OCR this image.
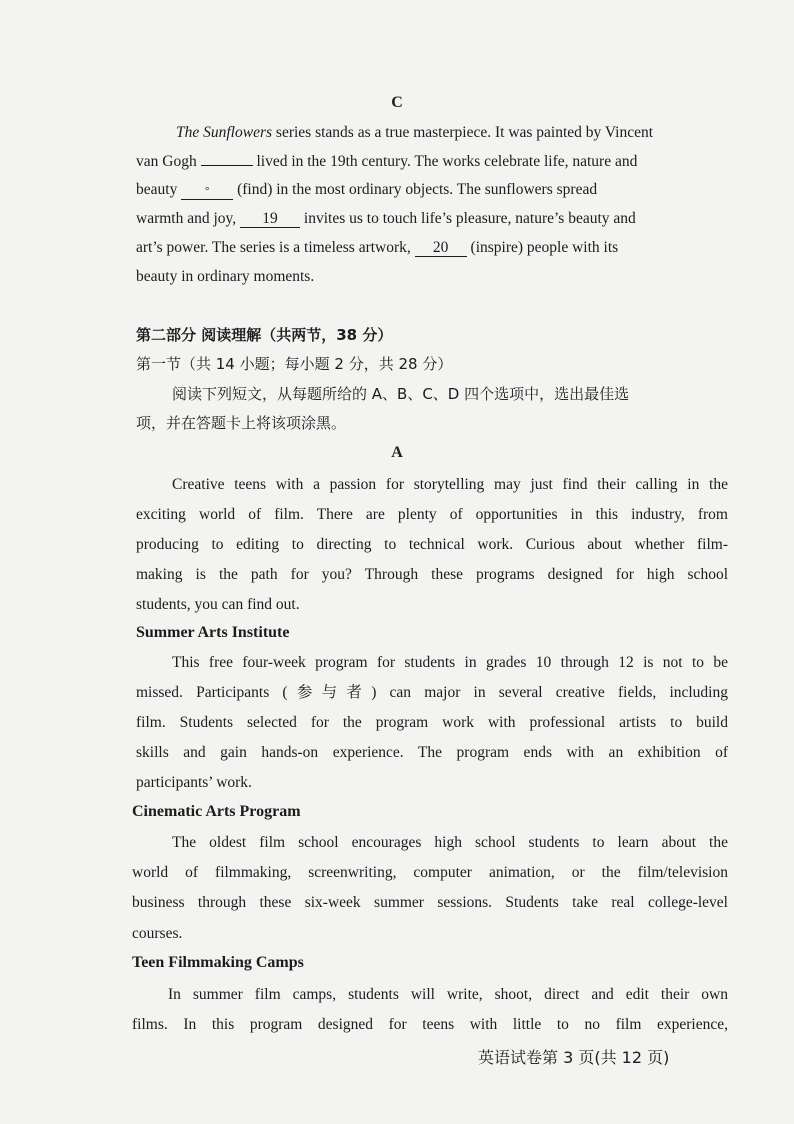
C
The Sunflowers series stands as a true masterpiece. It was painted by Vincent
van Gogh	lived in the 19th century. The works celebrate life, nature and
beauty ° (find) in the most ordinary objects. The sunflowers spread
warmth and joy, 19 invites us to touch life’s pleasure, nature’s beauty and
art’s power. The series is a timeless artwork, 20 (inspire) people with its
beauty in ordinary moments.
第二部分 阅读理解（共两节，38 分）
第一节（共 14 小题；每小题 2 分，共 28 分）
阅读下列短文，从每题所给的 A、B、C、D 四个选项中，选出最佳选
项，并在答题卡上将该项涂黑。
A
Creative teens with a passion for storytelling may just find their calling in the
exciting world of film. There are plenty of opportunities in this industry, from
producing to editing to directing to technical work. Curious about whether film-
making is the path for you? Through these programs designed for high school
students, you can find out.
Summer Arts Institute
This free four-week program for students in grades 10 through 12 is not to be
missed. Participants (参与者) can major in several creative fields, including
film. Students selected for the program work with professional artists to build
skills and gain hands-on experience. The program ends with an exhibition of
participants’ work.
Cinematic Arts Program
The oldest film school encourages high school students to learn about the
world of filmmaking, screenwriting, computer animation, or the film/television
business through these six-week summer sessions. Students take real college-level
courses.
Teen Filmmaking Camps
In summer film camps, students will write, shoot, direct and edit their own
films. In this program designed for teens with little to no film experience,
英语试卷第 3 页(共 12 页)
